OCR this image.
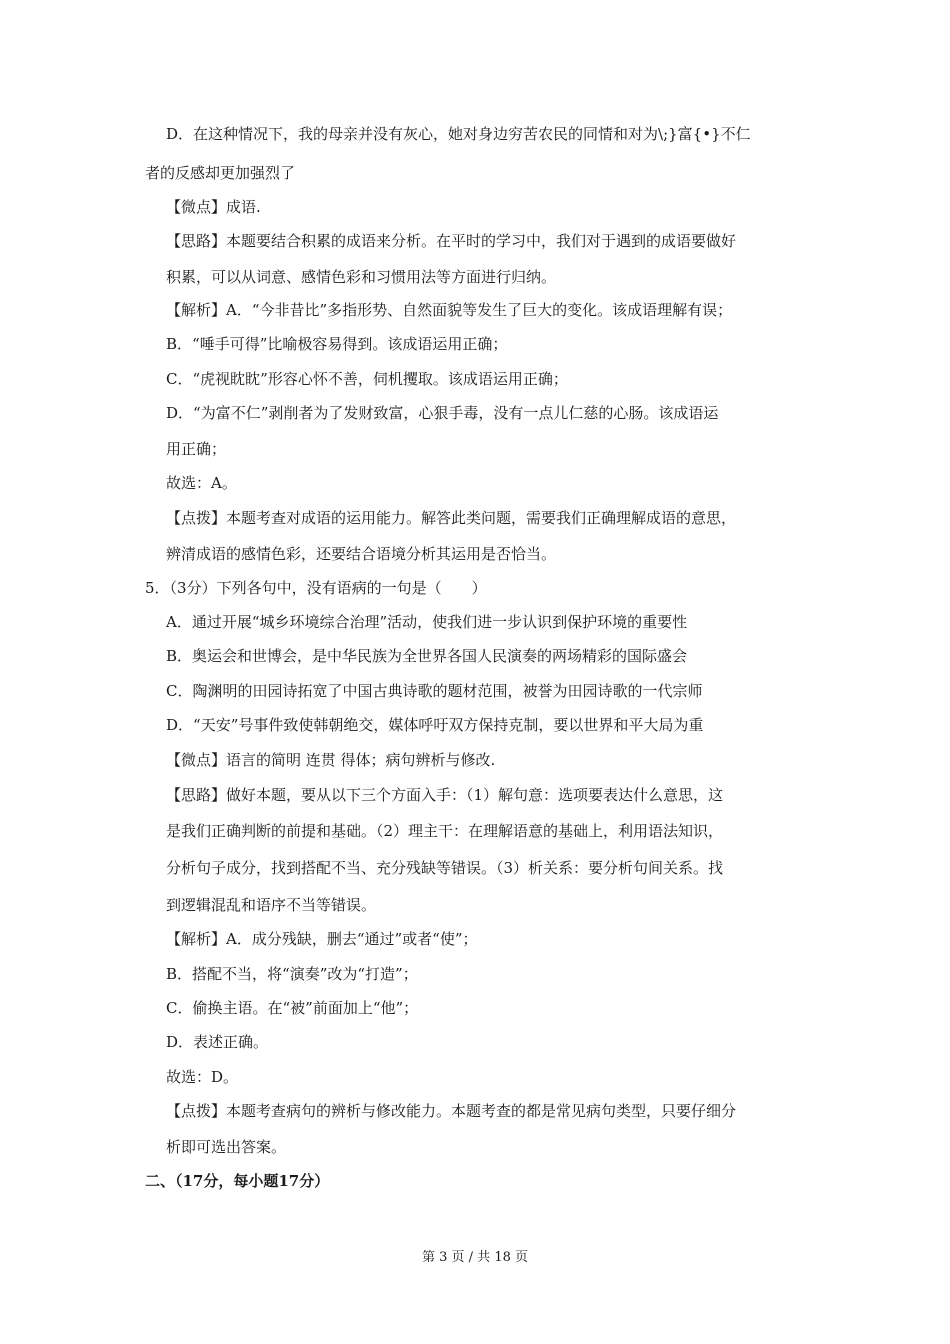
D．在这种情况下，我的母亲并没有灰心，她对身边穷苦农民的同情和对为\;}富{•}不仁
者的反感却更加强烈了
【微点】成语.
【思路】本题要结合积累的成语来分析。在平时的学习中，我们对于遇到的成语要做好
积累，可以从词意、感情色彩和习惯用法等方面进行归纳。
【解析】A．“今非昔比”多指形势、自然面貌等发生了巨大的变化。该成语理解有误；
B．“唾手可得”比喻极容易得到。该成语运用正确；
C．“虎视眈眈”形容心怀不善，伺机攫取。该成语运用正确；
D．“为富不仁”剥削者为了发财致富，心狠手毒，没有一点儿仁慈的心肠。该成语运
用正确；
故选：A。
【点拨】本题考查对成语的运用能力。解答此类问题，需要我们正确理解成语的意思，
辨清成语的感情色彩，还要结合语境分析其运用是否恰当。
5．（3分）下列各句中，没有语病的一句是（　　）
A．通过开展“城乡环境综合治理”活动，使我们进一步认识到保护环境的重要性
B．奥运会和世博会，是中华民族为全世界各国人民演奏的两场精彩的国际盛会
C．陶渊明的田园诗拓宽了中国古典诗歌的题材范围，被誉为田园诗歌的一代宗师
D．“天安”号事件致使韩朝绝交，媒体呼吁双方保持克制，要以世界和平大局为重
【微点】语言的简明 连贯 得体；病句辨析与修改.
【思路】做好本题，要从以下三个方面入手：（1）解句意：选项要表达什么意思，这
是我们正确判断的前提和基础。（2）理主干：在理解语意的基础上，利用语法知识，
分析句子成分，找到搭配不当、充分残缺等错误。（3）析关系：要分析句间关系。找
到逻辑混乱和语序不当等错误。
【解析】A．成分残缺，删去“通过”或者“使”；
B．搭配不当，将“演奏”改为“打造”；
C．偷换主语。在“被”前面加上“他”；
D．表述正确。
故选：D。
【点拨】本题考查病句的辨析与修改能力。本题考查的都是常见病句类型，只要仔细分
析即可选出答案。
二、（17分，每小题17分）
第 3 页 / 共 18 页
